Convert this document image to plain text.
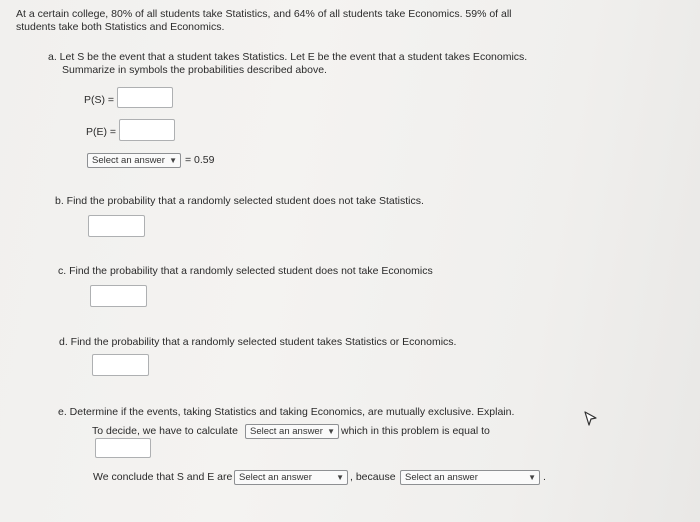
At a certain college, 80% of all students take Statistics, and 64% of all students take Economics. 59% of all
students take both Statistics and Economics.
a. Let S be the event that a student takes Statistics. Let E be the event that a student takes Economics.
Summarize in symbols the probabilities described above.
P(S) =
P(E) =
Select an answer ▼ = 0.59
b. Find the probability that a randomly selected student does not take Statistics.
c. Find the probability that a randomly selected student does not take Economics
d. Find the probability that a randomly selected student takes Statistics or Economics.
e. Determine if the events, taking Statistics and taking Economics, are mutually exclusive. Explain.
To decide, we have to calculate	Select an answer ▼ which in this problem is equal to
We conclude that S and E are Select an answer	▼ , because Select an answer	▼ .
